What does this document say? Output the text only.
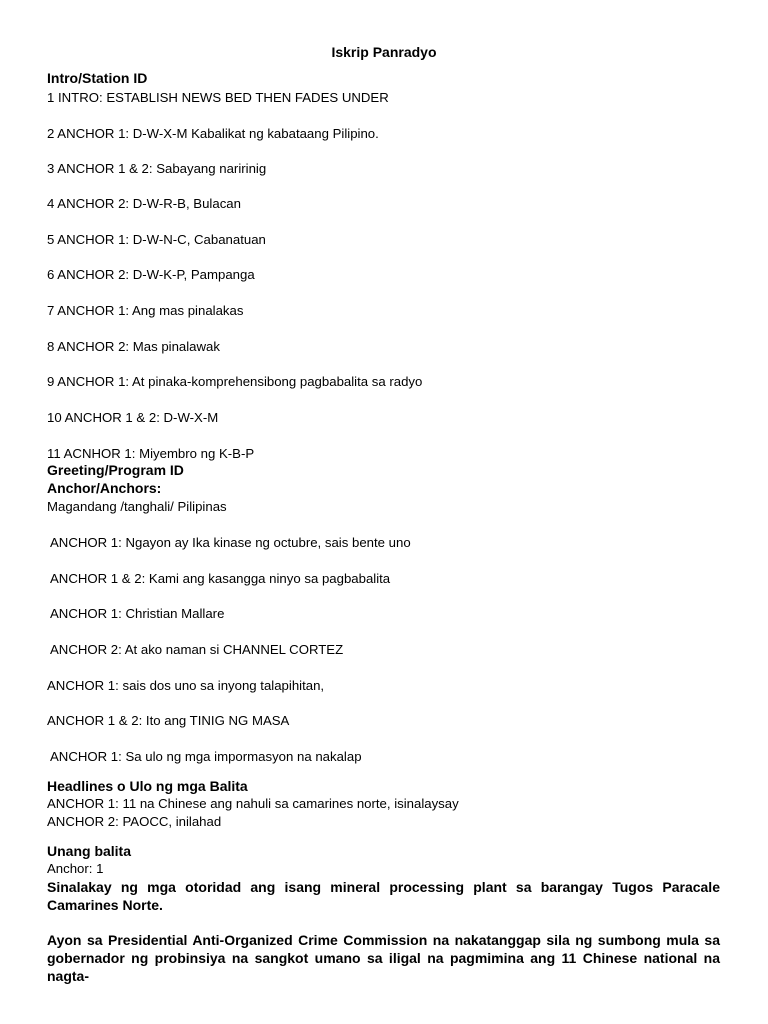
Iskrip Panradyo
Intro/Station ID
1 INTRO: ESTABLISH NEWS BED THEN FADES UNDER
2 ANCHOR 1: D-W-X-M Kabalikat ng kabataang Pilipino.
3 ANCHOR 1 & 2: Sabayang naririnig
4 ANCHOR 2: D-W-R-B, Bulacan
5 ANCHOR 1: D-W-N-C, Cabanatuan
6 ANCHOR 2: D-W-K-P, Pampanga
7 ANCHOR 1: Ang mas pinalakas
8 ANCHOR 2: Mas pinalawak
9 ANCHOR 1: At pinaka-komprehensibong pagbabalita sa radyo
10 ANCHOR 1 & 2: D-W-X-M
11 ACNHOR 1: Miyembro ng K-B-P
Greeting/Program ID
Anchor/Anchors:
Magandang /tanghali/ Pilipinas
ANCHOR 1: Ngayon ay Ika kinase ng octubre, sais bente uno
ANCHOR 1 & 2: Kami ang kasangga ninyo sa pagbabalita
ANCHOR 1: Christian Mallare
ANCHOR 2: At ako naman si CHANNEL CORTEZ
ANCHOR 1: sais dos uno sa inyong talapihitan,
ANCHOR 1 & 2: Ito ang TINIG NG MASA
ANCHOR 1: Sa ulo ng mga impormasyon na nakalap
Headlines o Ulo ng mga Balita
ANCHOR 1: 11 na Chinese ang nahuli sa camarines norte, isinalaysay
ANCHOR 2: PAOCC, inilahad
Unang balita
Anchor: 1
Sinalakay ng mga otoridad ang isang mineral processing plant sa barangay Tugos Paracale Camarines Norte.
Ayon sa Presidential Anti-Organized Crime Commission na nakatanggap sila ng sumbong mula sa gobernador ng probinsiya na sangkot umano sa iligal na pagmimina ang 11 Chinese national na nagta-
